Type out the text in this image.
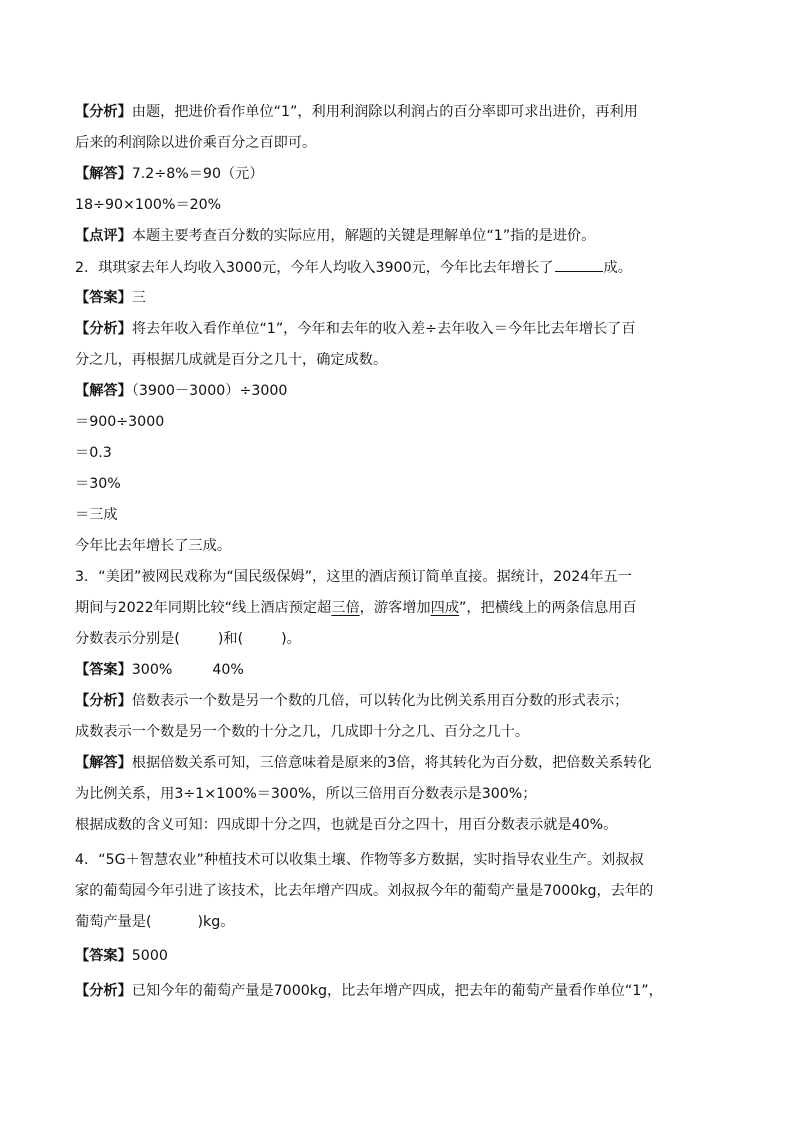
【分析】由题，把进价看作单位“1”，利用利润除以利润占的百分率即可求出进价，再利用
后来的利润除以进价乘百分之百即可。
【解答】7.2÷8%＝90（元）
18÷90×100%＝20%
【点评】本题主要考查百分数的实际应用，解题的关键是理解单位“1”指的是进价。
2．琪琪家去年人均收入3000元，今年人均收入3900元，今年比去年增长了	成。
【答案】三
【分析】将去年收入看作单位“1”，今年和去年的收入差÷去年收入＝今年比去年增长了百
分之几，再根据几成就是百分之几十，确定成数。
【解答】（3900－3000）÷3000
＝900÷3000
＝0.3
＝30%
＝三成
今年比去年增长了三成。
3．“美团”被网民戏称为“国民级保姆”，这里的酒店预订简单直接。据统计，2024年五一
期间与2022年同期比较“线上酒店预定超三倍，游客增加四成”，把横线上的两条信息用百
分数表示分别是(	)和(	)。
【答案】300%	40%
【分析】倍数表示一个数是另一个数的几倍，可以转化为比例关系用百分数的形式表示；
成数表示一个数是另一个数的十分之几，几成即十分之几、百分之几十。
【解答】根据倍数关系可知，三倍意味着是原来的3倍，将其转化为百分数，把倍数关系转化
为比例关系，用3÷1×100%＝300%，所以三倍用百分数表示是300%；
根据成数的含义可知：四成即十分之四，也就是百分之四十，用百分数表示就是40%。
4．“5G＋智慧农业”种植技术可以收集土壤、作物等多方数据，实时指导农业生产。刘叔叔
家的葡萄园今年引进了该技术，比去年增产四成。刘叔叔今年的葡萄产量是7000kg，去年的
葡萄产量是(	)kg。
【答案】5000
【分析】已知今年的葡萄产量是7000kg，比去年增产四成，把去年的葡萄产量看作单位“1”，
